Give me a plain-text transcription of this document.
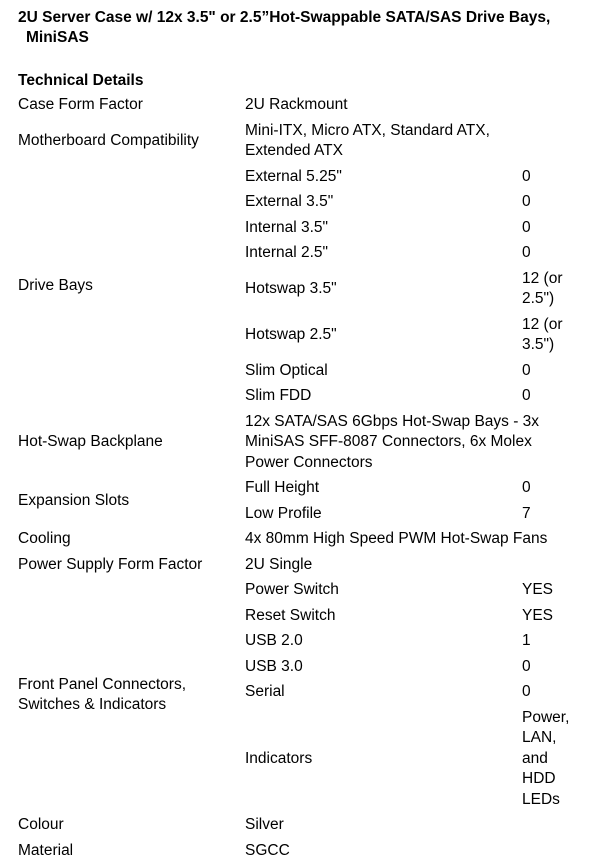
2U Server Case w/ 12x 3.5" or 2.5”Hot-Swappable SATA/SAS Drive Bays,
MiniSAS
Technical Details
Case Form Factor	2U Rackmount	
Motherboard Compatibility	Mini-ITX, Micro ATX, Standard ATX,
Extended ATX	
Drive Bays	External 5.25"	0
	External 3.5"	0
	Internal 3.5"	0
	Internal 2.5"	0
	Hotswap 3.5"	12 (or
2.5")
	Hotswap 2.5"	12 (or
3.5")
	Slim Optical	0
	Slim FDD	0
Hot-Swap Backplane	12x SATA/SAS 6Gbps Hot-Swap Bays - 3x
MiniSAS SFF-8087 Connectors, 6x Molex
Power Connectors	
Expansion Slots	Full Height	0
	Low Profile	7
Cooling	4x 80mm High Speed PWM Hot-Swap Fans	
Power Supply Form Factor	2U Single	
Front Panel Connectors,
Switches & Indicators	Power Switch	YES
	Reset Switch	YES
	USB 2.0	1
	USB 3.0	0
	Serial	0
	Indicators	Power,
LAN,
and
HDD
LEDs
Colour	Silver	
Material	SGCC	
